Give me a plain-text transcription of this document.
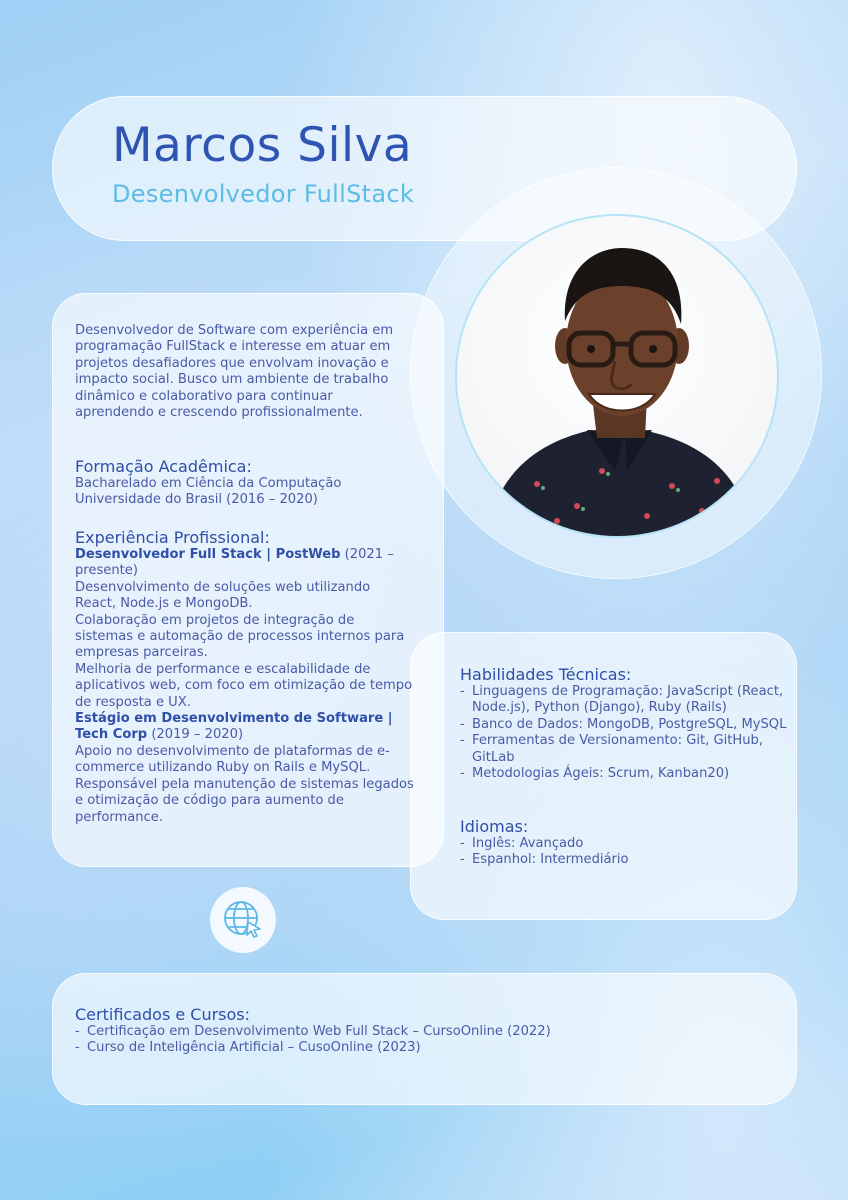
Marcos Silva
Desenvolvedor FullStack
Desenvolvedor de Software com experiência em programação FullStack e interesse em atuar em projetos desafiadores que envolvam inovação e impacto social. Busco um ambiente de trabalho dinâmico e colaborativo para continuar aprendendo e crescendo profissionalmente.
Formação Acadêmica:

Bacharelado em Ciência da Computação

Universidade do Brasil (2016 – 2020)

Experiência Profissional:

Desenvolvedor Full Stack | PostWeb (2021 – presente)

Desenvolvimento de soluções web utilizando React, Node.js e MongoDB.

Colaboração em projetos de integração de sistemas e automação de processos internos para empresas parceiras.

Melhoria de performance e escalabilidade de aplicativos web, com foco em otimização de tempo de resposta e UX.

Estágio em Desenvolvimento de Software | Tech Corp (2019 – 2020)

Apoio no desenvolvimento de plataformas de e-commerce utilizando Ruby on Rails e MySQL.

Responsável pela manutenção de sistemas legados e otimização de código para aumento de performance.

Habilidades Técnicas:
- Linguagens de Programação: JavaScript (React, Node.js), Python (Django), Ruby (Rails)
- Banco de Dados: MongoDB, PostgreSQL, MySQL
- Ferramentas de Versionamento: Git, GitHub, GitLab
- Metodologias Ágeis: Scrum, Kanban20)
Idiomas:
- Inglês: Avançado
- Espanhol: Intermediário
Certificados e Cursos:
- Certificação em Desenvolvimento Web Full Stack – CursoOnline (2022)
- Curso de Inteligência Artificial – CusoOnline (2023)
